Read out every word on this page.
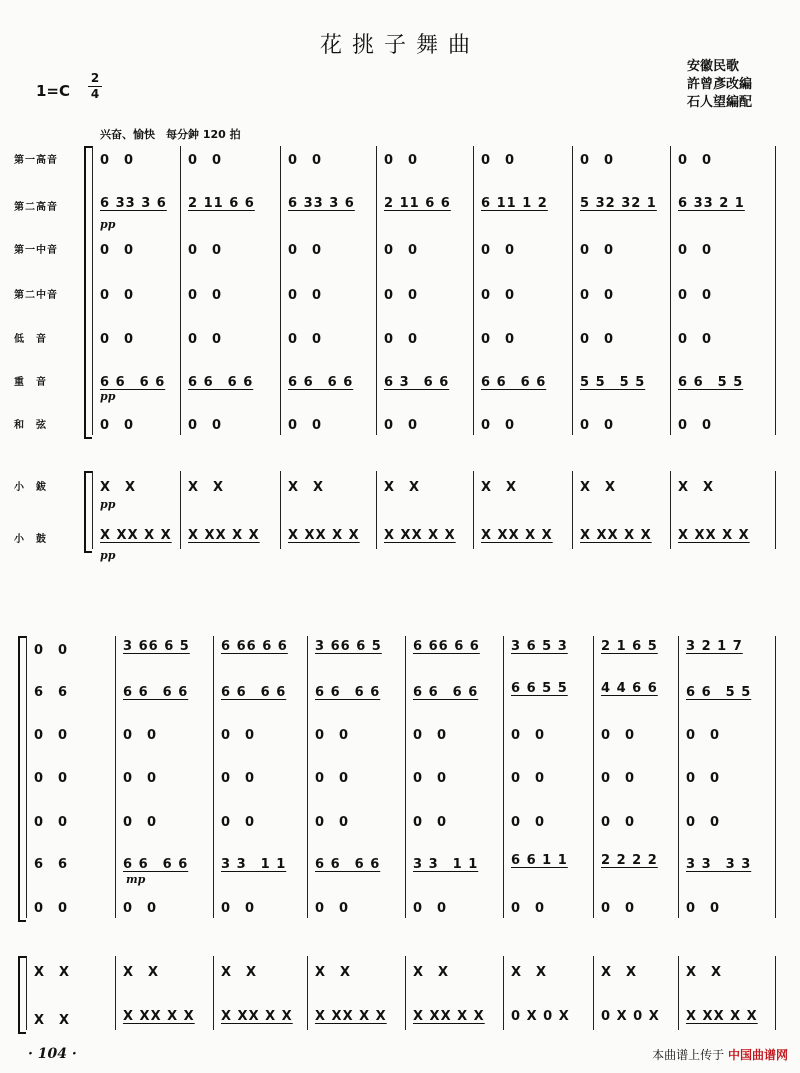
花挑子舞曲
安徽民歌
許曾彥改編
石人望編配
1=C
2
4
兴奋、愉快　每分鈡 120 拍
第一高音	0　0	0　0	0　0	0　0	0　0	0　0	0　0
第二高音	6 33 3 6	2 11 6 6	6 33 3 6	2 11 6 6	6 11 1 2	5 32 32 1	6 33 2 1
第一中音	0　0	0　0	0　0	0　0	0　0	0　0	0　0
第二中音	0　0	0　0	0　0	0　0	0　0	0　0	0　0
低　音	0　0	0　0	0　0	0　0	0　0	0　0	0　0
重　音	6 6　6 6	6 6　6 6	6 6　6 6	6 3　6 6	6 6　6 6	5 5　5 5	6 6　5 5
和　弦	0　0	0　0	0　0	0　0	0　0	0　0	0　0
小　鈸	X　X	X　X	X　X	X　X	X　X	X　X	X　X
小　鼓	X XX X X	X XX X X	X XX X X	X XX X X	X XX X X	X XX X X	X XX X X
0　0	3 66 6 5	6 66 6 6	3 66 6 5	6 66 6 6	3 6 5 3	2 1 6 5	3 2 1 7
6　6	6 6　6 6	6 6　6 6	6 6　6 6	6 6　6 6	6 6 5 5	4 4 6 6	6 6　5 5
0　0	0　0	0　0	0　0	0　0	0　0	0　0	0　0
0　0	0　0	0　0	0　0	0　0	0　0	0　0	0　0
0　0	0　0	0　0	0　0	0　0	0　0	0　0	0　0
6　6	6 6　6 6	3 3　1 1	6 6　6 6	3 3　1 1	6 6 1 1	2 2 2 2	3 3　3 3
0　0	0　0	0　0	0　0	0　0	0　0	0　0	0　0
X　X	X　X	X　X	X　X	X　X	X　X	X　X	X　X
X　X	X XX X X	X XX X X	X XX X X	X XX X X	0 X 0 X	0 X 0 X	X XX X X
pp
pp
pp
pp
mp
· 104 ·	本曲谱上传于 中国曲谱网
